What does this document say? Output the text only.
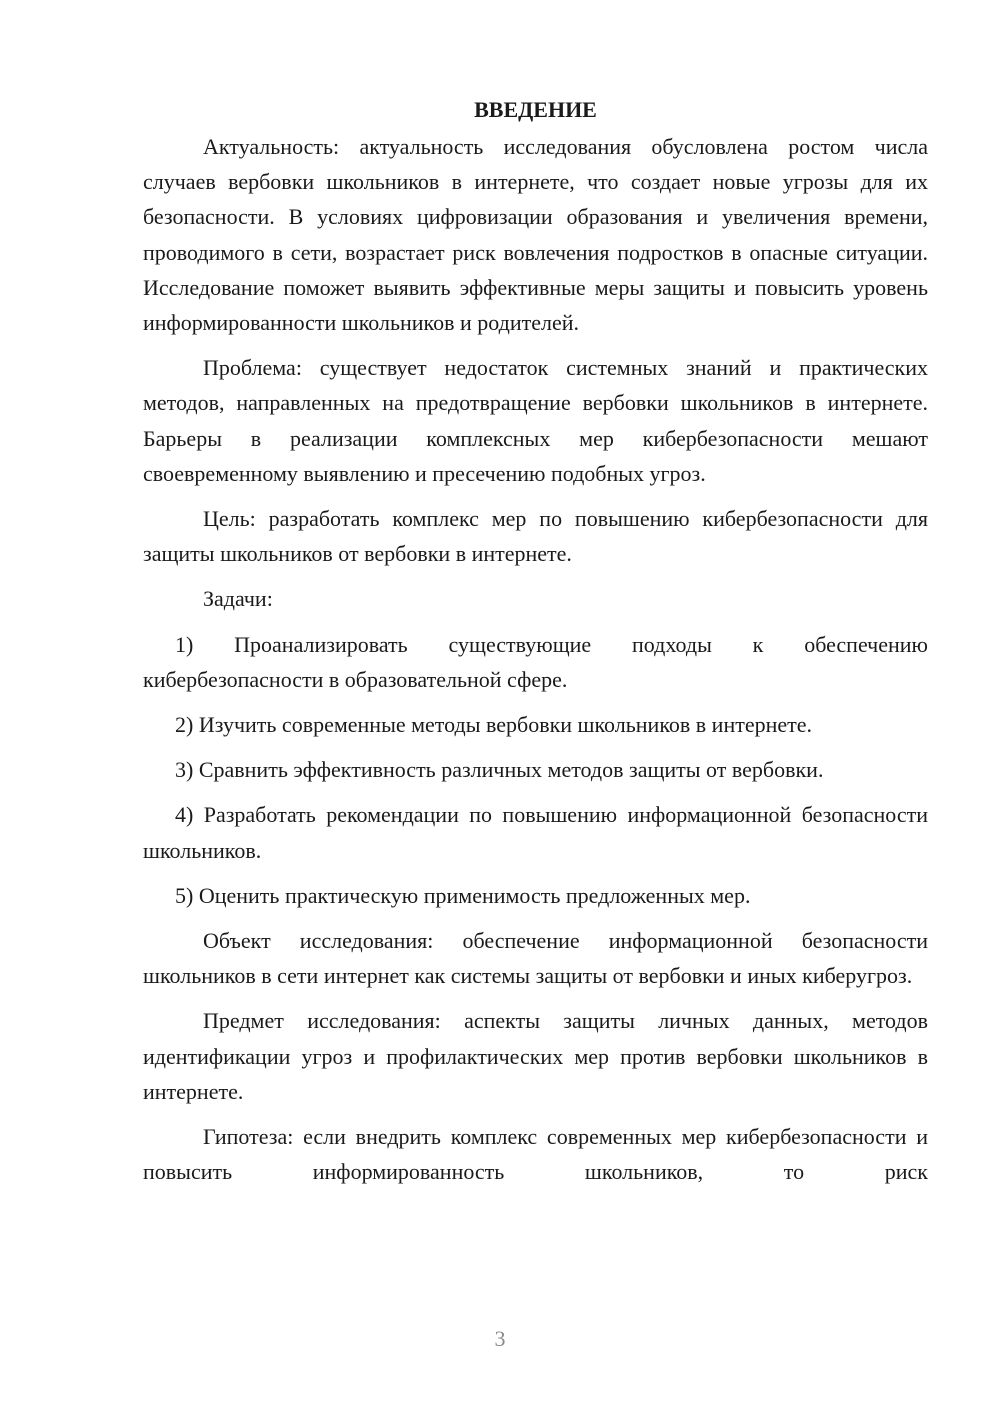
ВВЕДЕНИЕ

Актуальность: актуальность исследования обусловлена ростом числа случаев вербовки школьников в интернете, что создает новые угрозы для их безопасности. В условиях цифровизации образования и увеличения времени, проводимого в сети, возрастает риск вовлечения подростков в опасные ситуации. Исследование поможет выявить эффективные меры защиты и повысить уровень информированности школьников и родителей.

Проблема: существует недостаток системных знаний и практических методов, направленных на предотвращение вербовки школьников в интернете. Барьеры в реализации комплексных мер кибербезопасности мешают своевременному выявлению и пресечению подобных угроз.

Цель: разработать комплекс мер по повышению кибербезопасности для защиты школьников от вербовки в интернете.

Задачи:

1) Проанализировать существующие подходы к обеспечению кибербезопасности в образовательной сфере.

2) Изучить современные методы вербовки школьников в интернете.

3) Сравнить эффективность различных методов защиты от вербовки.

4) Разработать рекомендации по повышению информационной безопасности школьников.

5) Оценить практическую применимость предложенных мер.

Объект исследования: обеспечение информационной безопасности школьников в сети интернет как системы защиты от вербовки и иных киберугроз.

Предмет исследования: аспекты защиты личных данных, методов идентификации угроз и профилактических мер против вербовки школьников в интернете.

Гипотеза: если внедрить комплекс современных мер кибербезопасности и повысить информированность школьников, то риск

3
